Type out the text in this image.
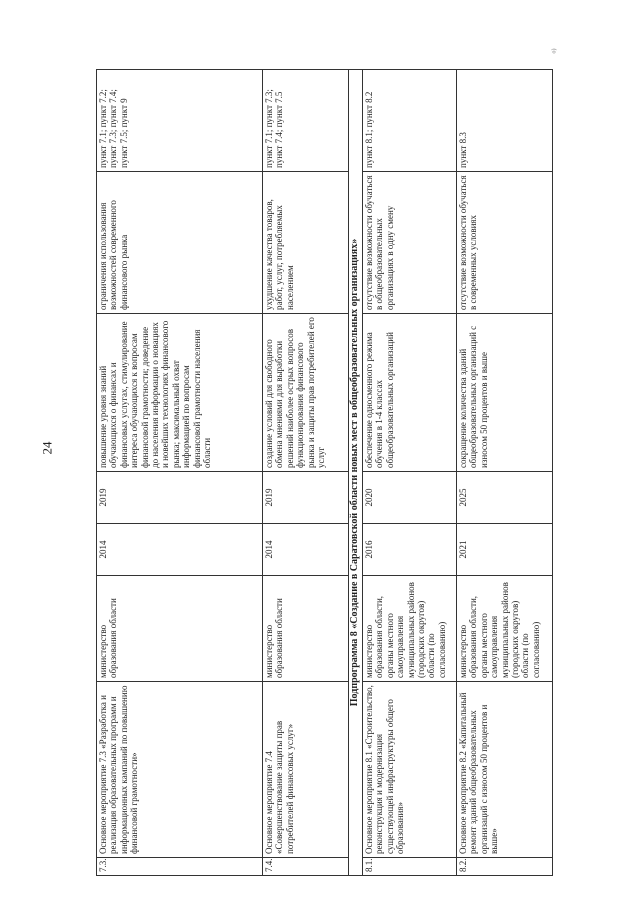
24
о)
7.3.	Основное мероприятие 7.3 «Разработка и реализация образовательных программ и информационных кампаний по повышению финансовой грамотности»	министерство образования области	2014	2019	повышение уровня знаний обучающихся о финансах и финансовых услугах, стимулирование интереса обучающихся к вопросам финансовой грамотности; доведение до населения информации о новациях и новейших технологиях финансового рынка; максимальный охват информацией по вопросам финансовой грамотности населения области	ограничения использования возможностей современного финансового рынка	пункт 7.1; пункт 7.2; пункт 7.3; пункт 7.4; пункт 7.5; пункт 9
7.4.	Основное мероприятие 7.4 «Совершенствование защиты прав потребителей финансовых услуг»	министерство образования области	2014	2019	создание условий для свободного обмена мнениями для выработки решений наиболее острых вопросов функционирования финансового рынка и защиты прав потребителей его услуг	ухудшение качества товаров, работ, услуг, потребляемых населением	пункт 7.1; пункт 7.3; пункт 7.4; пункт 7.5
Подпрограмма 8 «Создание в Саратовской области новых мест в общеобразовательных организациях»							
8.1.	Основное мероприятие 8.1 «Строительство, реконструкция и модернизация существующей инфраструктуры общего образования»	министерство образования области, органы местного самоуправления муниципальных районов (городских округов) области (по согласованию)	2016	2020	обеспечение односменного режима обучения в 1-4 классах общеобразовательных организаций	отсутствие возможности обучаться в общеобразовательных организациях в одну смену	пункт 8.1; пункт 8.2
8.2.	Основное мероприятие 8.2 «Капитальный ремонт зданий общеобразовательных организаций с износом 50 процентов и выше»	министерство образования области, органы местного самоуправления муниципальных районов (городских округов) области (по согласованию)	2021	2025	сокращение количества зданий общеобразовательных организаций с износом 50 процентов и выше	отсутствие возможности обучаться в современных условиях	пункт 8.3
